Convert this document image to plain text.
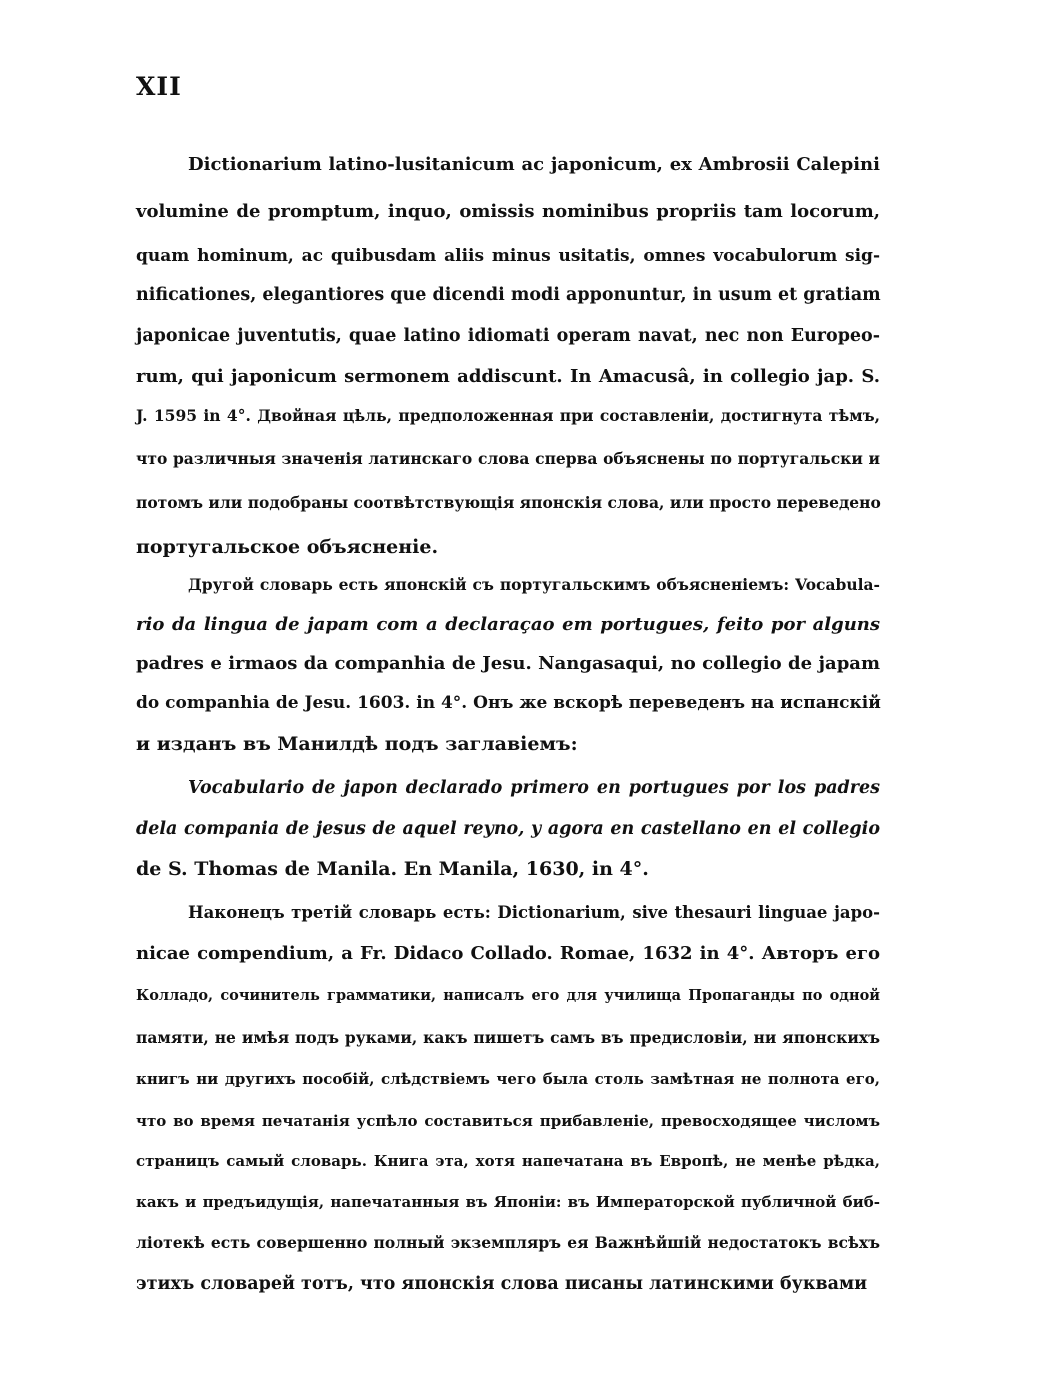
XII
Dictionarium latino-lusitanicum ac japonicum, ex Ambrosii Calepini
volumine de promptum, inquo, omissis nominibus propriis tam locorum,
quam hominum, ac quibusdam aliis minus usitatis, omnes vocabulorum sig-
nificationes, elegantiores que dicendi modi apponuntur, in usum et gratiam
japonicae juventutis, quae latino idiomati operam navat, nec non Europeo-
rum, qui japonicum sermonem addiscunt. In Amacusâ, in collegio jap. S.
J. 1595 in 4°. Двойная цѣль, предположенная при составленіи, достигнута тѣмъ,
что различныя значенія латинскаго слова сперва объяснены по португальски и
потомъ или подобраны соотвѣтствующія японскія слова, или просто переведено
португальское объясненіе.
Другой словарь есть японскій съ португальскимъ объясненіемъ: Vocabula-
rio da lingua de japam com a declaraçao em portugues, feito por alguns
padres e irmaos da companhia de Jesu. Nangasaqui, no collegio de japam
do companhia de Jesu. 1603. in 4°. Онъ же вскорѣ переведенъ на испанскій
и изданъ въ Манилдѣ подъ заглавіемъ:
Vocabulario de japon declarado primero en portugues por los padres
dela compania de jesus de aquel reyno, y agora en castellano en el collegio
de S. Thomas de Manila. En Manila, 1630, in 4°.
Наконецъ третій словарь есть: Dictionarium, sive thesauri linguae japo-
nicae compendium, a Fr. Didaco Collado. Romae, 1632 in 4°. Авторъ его
Колладо, сочинитель грамматики, написалъ его для училища Пропаганды по одной
памяти, не имѣя подъ руками, какъ пишетъ самъ въ предисловіи, ни японскихъ
книгъ ни другихъ пособій, слѣдствіемъ чего была столь замѣтная не полнота его,
что во время печатанія успѣло составиться прибавленіе, превосходящее числомъ
страницъ самый словарь. Книга эта, хотя напечатана въ Европѣ, не менѣе рѣдка,
какъ и предъидущія, напечатанныя въ Японіи: въ Императорской публичной биб-
ліотекѣ есть совершенно полный экземпляръ ея Важнѣйшій недостатокъ всѣхъ
этихъ словарей тотъ, что японскія слова писаны латинскими буквами
